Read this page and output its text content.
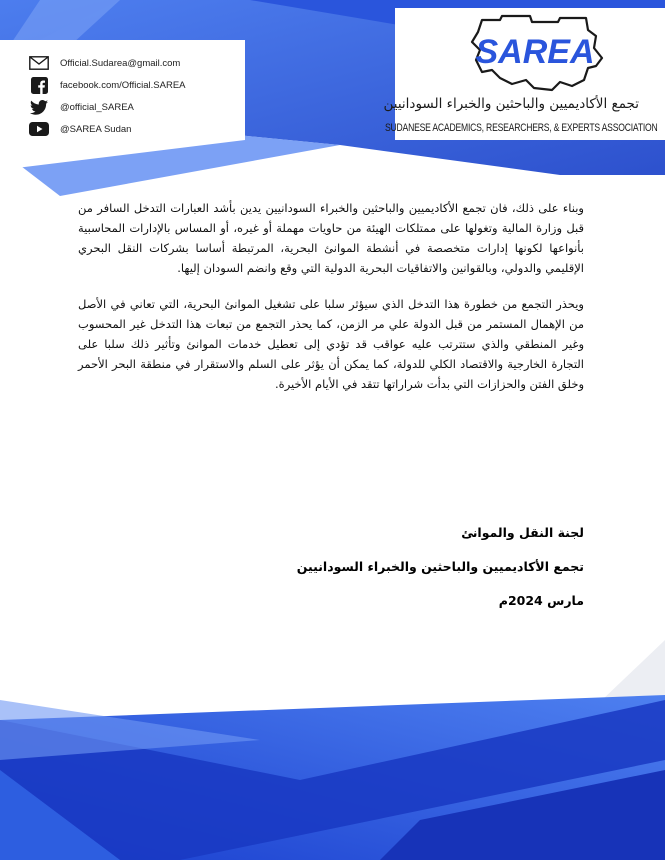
Official.Sudarea@gmail.com
facebook.com/Official.SAREA
@official_SAREA
@SAREA Sudan
SAREA
تجمع الأكاديميين والباحثين والخبراء السودانيين
SUDANESE ACADEMICS, RESEARCHERS, & EXPERTS ASSOCIATION

وبناء على ذلك، فان تجمع الأكاديميين والباحثين والخبراء السودانيين يدين بأشد العبارات التدخل السافر من قبل وزارة المالية وتغولها على ممتلكات الهيئة من حاويات مهملة أو غيره، أو المساس بالإدارات المحاسبية بأنواعها لكونها إدارات متخصصة في أنشطة الموانئ البحرية، المرتبطة أساسا بشركات النقل البحري الإقليمي والدولي، وبالقوانين والاتفاقيات البحرية الدولية التي وقع وانضم السودان إليها.

ويحذر التجمع من خطورة هذا التدخل الذي سيؤثر سلبا على تشغيل الموانئ البحرية، التي تعاني في الأصل من الإهمال المستمر من قبل الدولة علي مر الزمن، كما يحذر التجمع من تبعات هذا التدخل غير المحسوب وغير المنطقي والذي ستترتب عليه عواقب قد تؤدي إلى تعطيل خدمات الموانئ وتأثير ذلك سلبا على التجارة الخارجية والاقتصاد الكلي للدولة، كما يمكن أن يؤثر على السلم والاستقرار في منطقة البحر الأحمر وخلق الفتن والحزازات التي بدأت شراراتها تتقد في الأيام الأخيرة.

لجنة النقل والموانئ
تجمع الأكاديميين والباحثين والخبراء السودانيين
مارس 2024م
